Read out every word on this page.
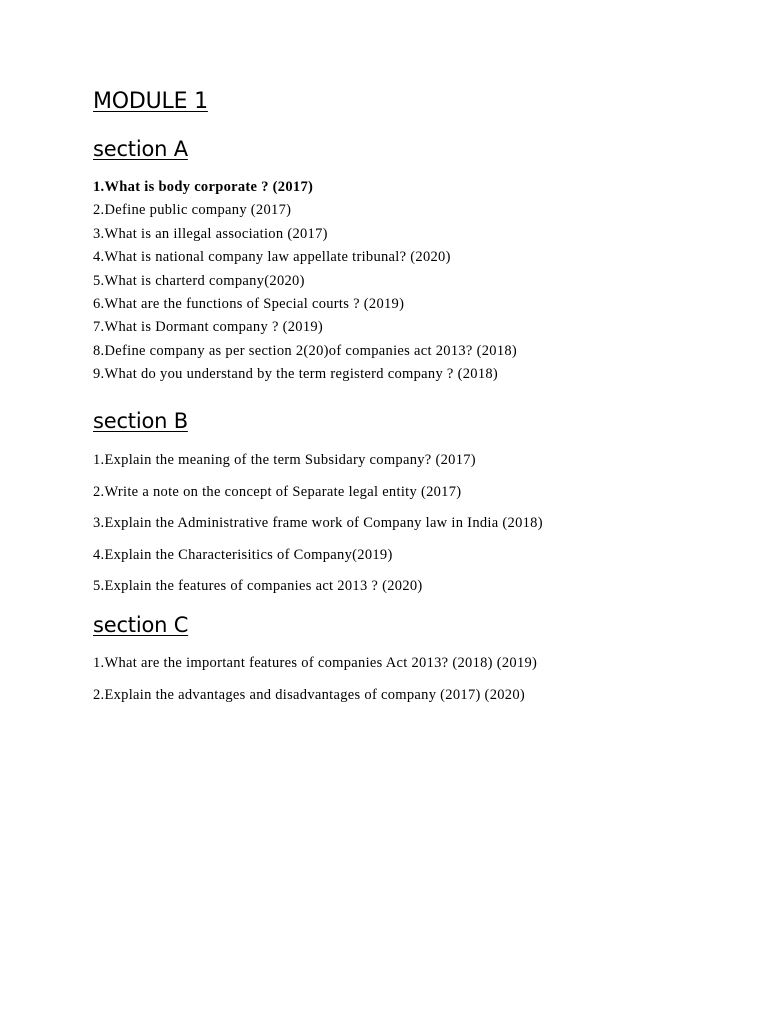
MODULE 1
section A
1.What is body corporate ? (2017)
2.Define public company (2017)
3.What is an illegal association (2017)
4.What is national company law appellate tribunal? (2020)
5.What is charterd company(2020)
6.What are the functions of Special courts ? (2019)
7.What is Dormant company ? (2019)
8.Define company as per section 2(20)of companies act 2013? (2018)
9.What do you understand by the term registerd company ? (2018)
section B
1.Explain the meaning of the term Subsidary company? (2017)
2.Write a note on the concept of Separate legal entity (2017)
3.Explain the Administrative frame work of Company law in India (2018)
4.Explain the Characterisitics of Company(2019)
5.Explain the features of companies act 2013 ? (2020)
section C
1.What are the important features of companies Act 2013? (2018) (2019)
2.Explain the advantages and disadvantages of company (2017) (2020)
